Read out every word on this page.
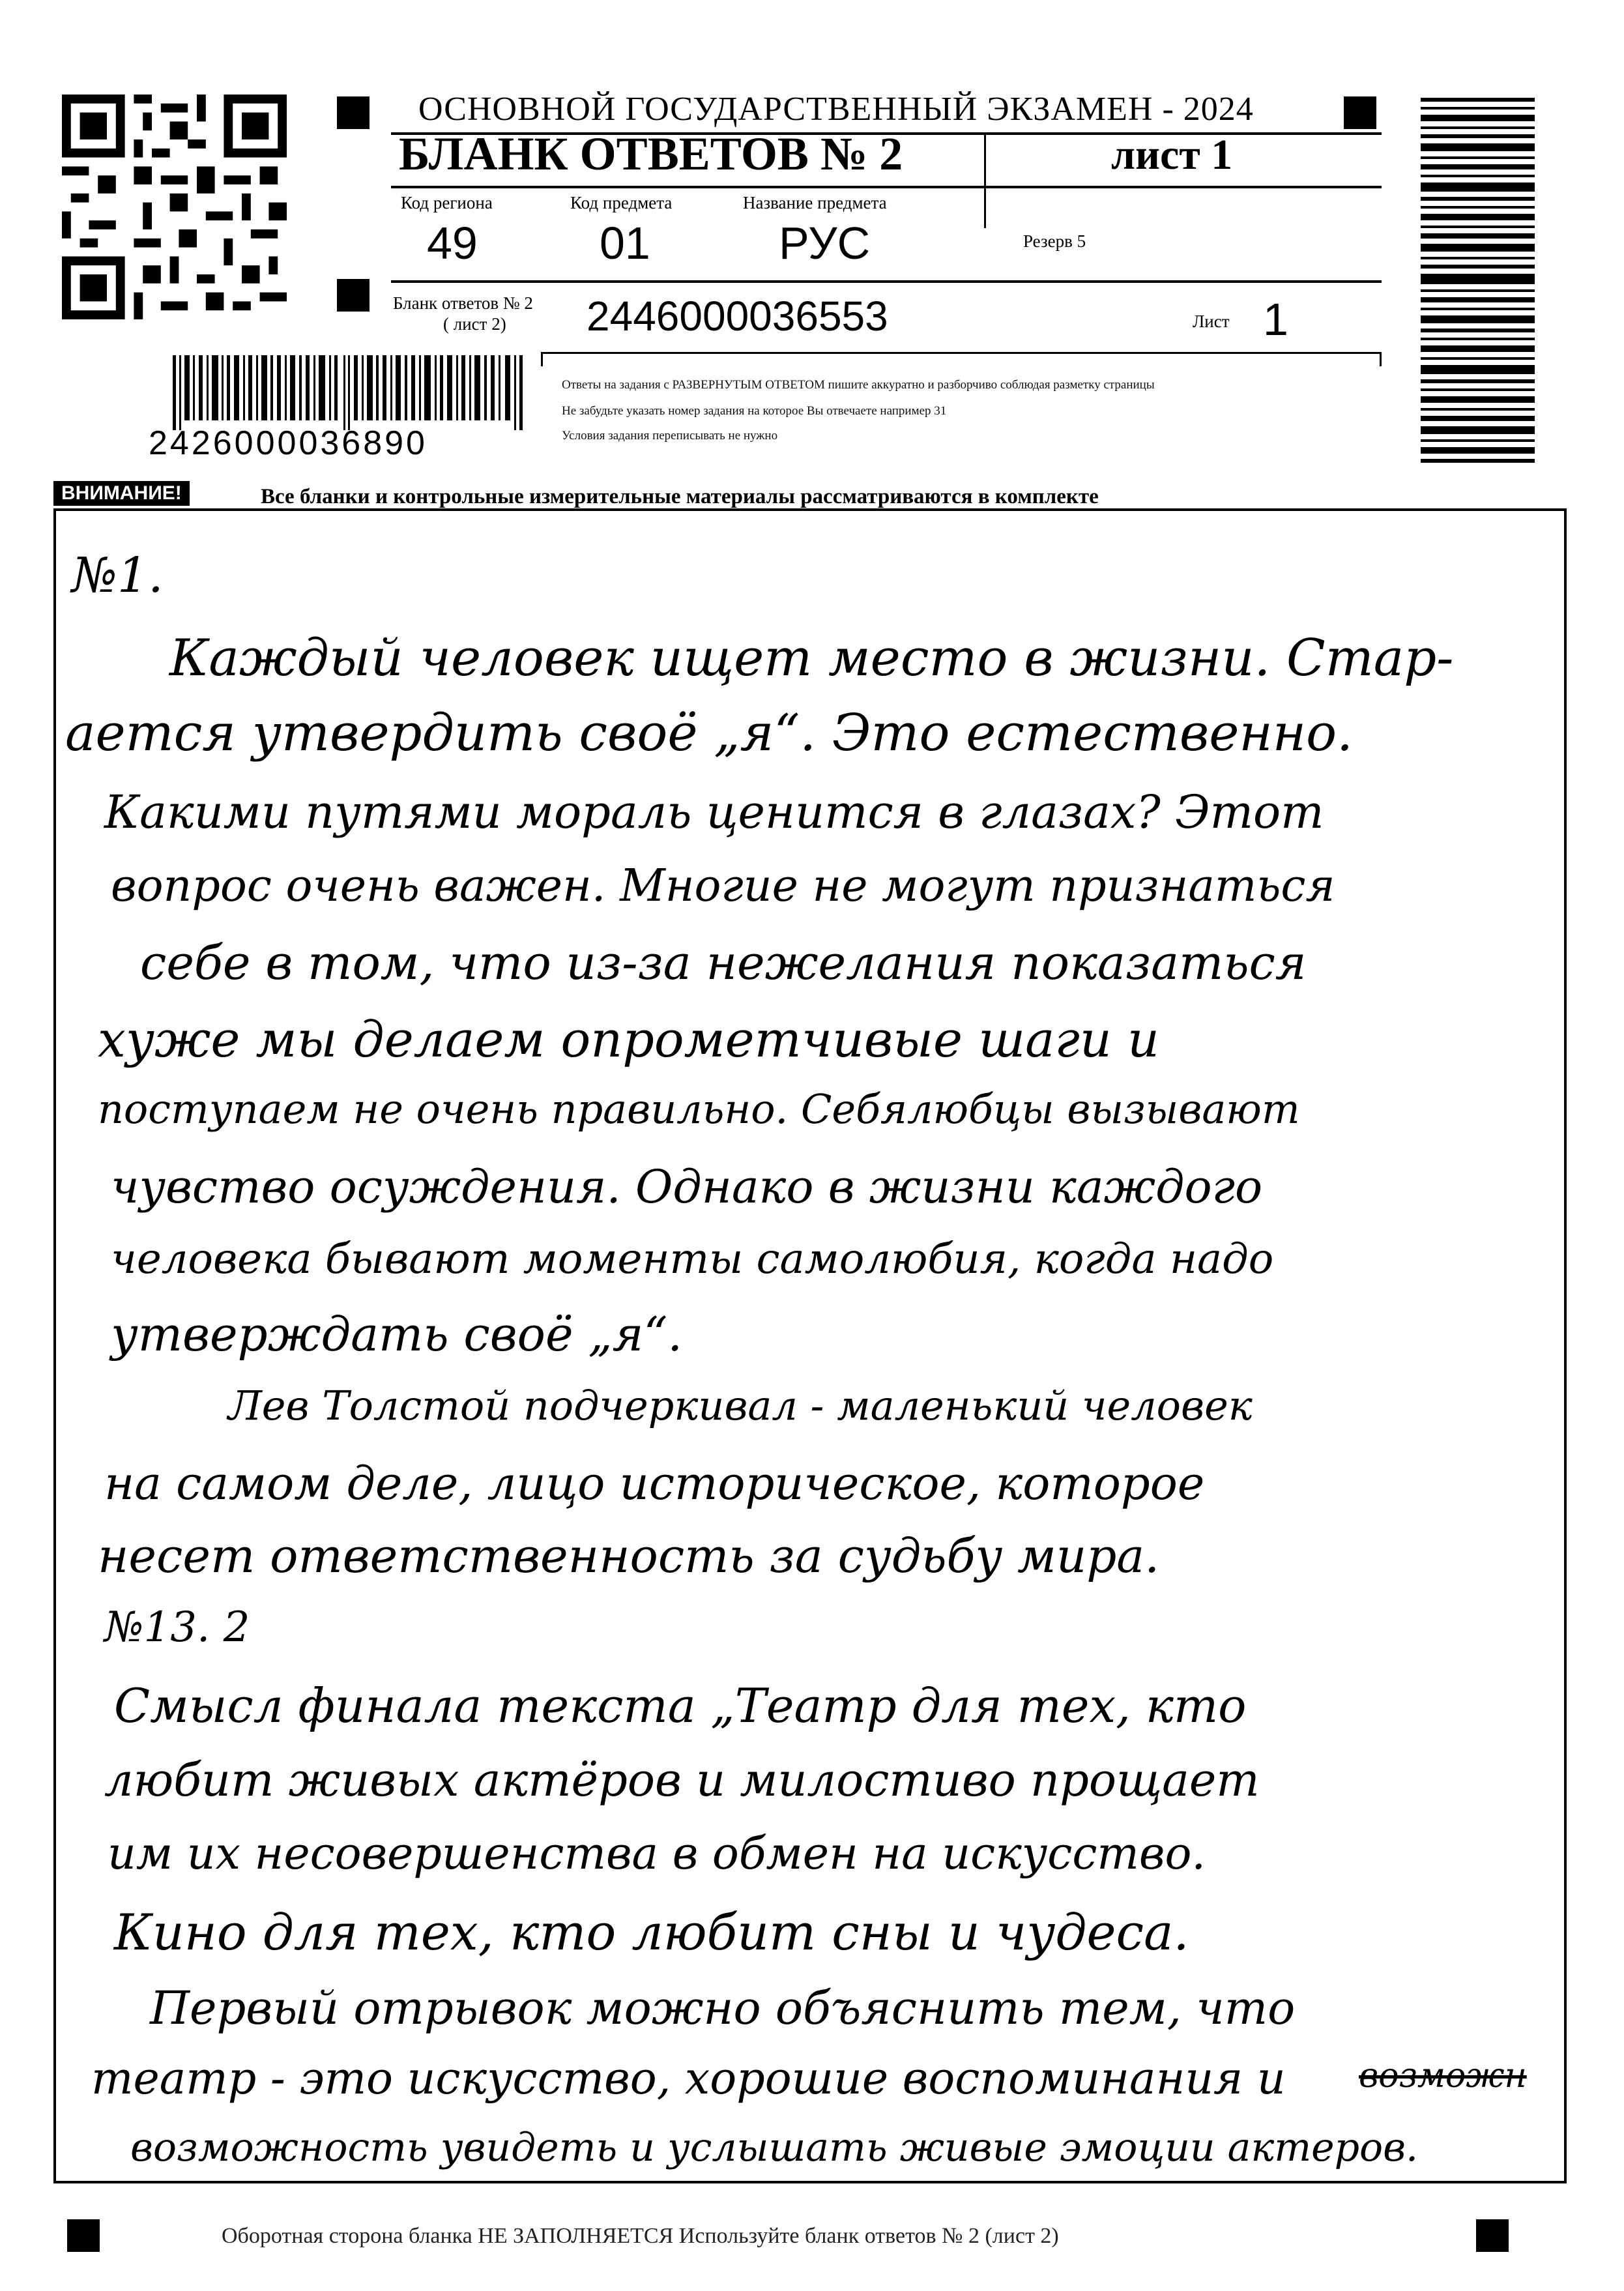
ОСНОВНОЙ ГОСУДАРСТВЕННЫЙ ЭКЗАМЕН - 2024
БЛАНК ОТВЕТОВ № 2	лист 1
Код региона	Код предмета	Название предмета
49	01	РУС	Резерв 5
Бланк ответов № 2
( лист 2) 2446000036553	Лист 1
Ответы на задания с РАЗВЕРНУТЫМ ОТВЕТОМ пишите аккуратно и разборчиво соблюдая разметку страницы
Не забудьте указать номер задания на которое Вы отвечаете например 31
Условия задания переписывать не нужно
2426000036890
ВНИМАНИЕ!	Все бланки и контрольные измерительные материалы рассматриваются в комплекте
№1.
Каждый человек ищет место в жизни. Стар-
ается утвердить своё „я“. Это естественно.
Какими путями мораль ценится в глазах? Этот
вопрос очень важен. Многие не могут признаться
себе в том, что из-за нежелания показаться
хуже мы делаем опрометчивые шаги и
поступаем не очень правильно. Себялюбцы вызывают
чувство осуждения. Однако в жизни каждого
человека бывают моменты самолюбия, когда надо
утверждать своё „я“.
Лев Толстой подчеркивал - маленький человек
на самом деле, лицо историческое, которое
несет ответственность за судьбу мира.
№13. 2
Смысл финала текста „Театр для тех, кто
любит живых актёров и милостиво прощает
им их несовершенства в обмен на искусство.
Кино для тех, кто любит сны и чудеса.
Первый отрывок можно объяснить тем, что
театр - это искусство, хорошие воспоминания и возможн
возможность увидеть и услышать живые эмоции актеров.
Оборотная сторона бланка НЕ ЗАПОЛНЯЕТСЯ Используйте бланк ответов № 2 (лист 2)
